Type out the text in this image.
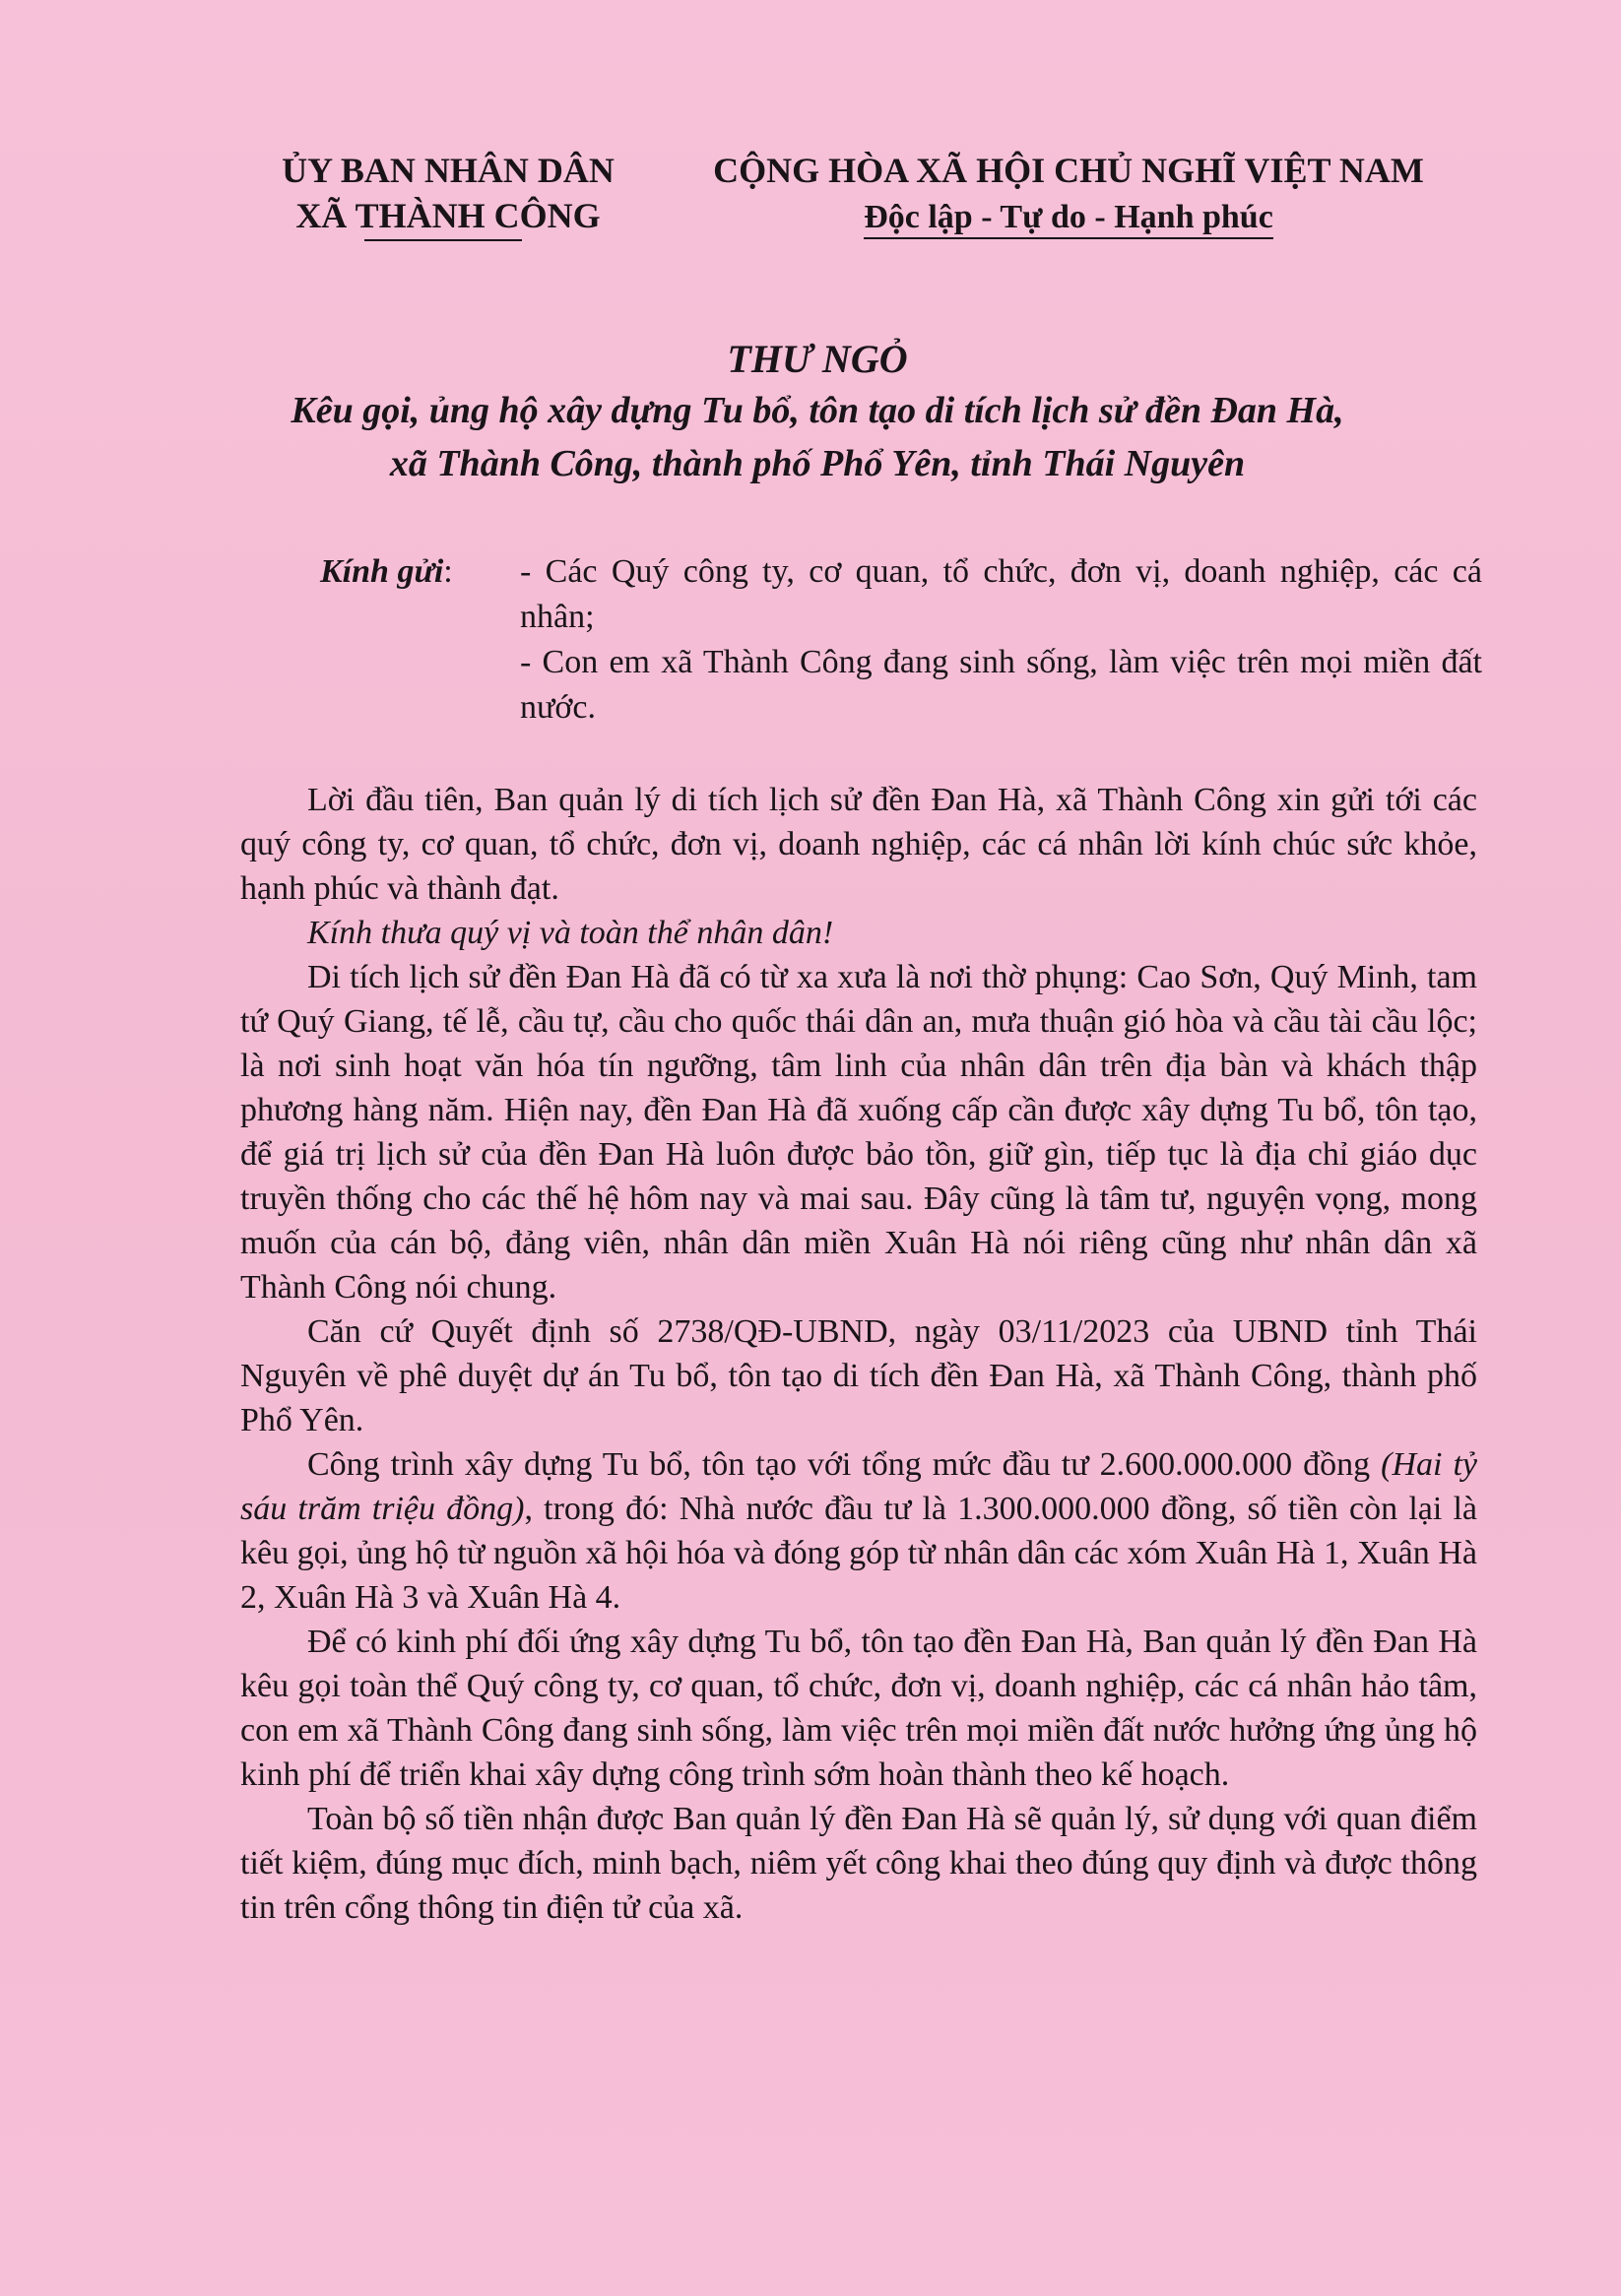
ỦY BAN NHÂN DÂN
XÃ THÀNH CÔNG
CỘNG HÒA XÃ HỘI CHỦ NGHĨ VIỆT NAM
Độc lập - Tự do - Hạnh phúc
THƯ NGỎ
Kêu gọi, ủng hộ xây dựng Tu bổ, tôn tạo di tích lịch sử đền Đan Hà,
xã Thành Công, thành phố Phổ Yên, tỉnh Thái Nguyên
Kính gửi: - Các Quý công ty, cơ quan, tổ chức, đơn vị, doanh nghiệp, các cá nhân;

- Con em xã Thành Công đang sinh sống, làm việc trên mọi miền đất nước.

Lời đầu tiên, Ban quản lý di tích lịch sử đền Đan Hà, xã Thành Công xin gửi tới các quý công ty, cơ quan, tổ chức, đơn vị, doanh nghiệp, các cá nhân lời kính chúc sức khỏe, hạnh phúc và thành đạt.

Kính thưa quý vị và toàn thể nhân dân!

Di tích lịch sử đền Đan Hà đã có từ xa xưa là nơi thờ phụng: Cao Sơn, Quý Minh, tam tứ Quý Giang, tế lễ, cầu tự, cầu cho quốc thái dân an, mưa thuận gió hòa và cầu tài cầu lộc; là nơi sinh hoạt văn hóa tín ngưỡng, tâm linh của nhân dân trên địa bàn và khách thập phương hàng năm. Hiện nay, đền Đan Hà đã xuống cấp cần được xây dựng Tu bổ, tôn tạo, để giá trị lịch sử của đền Đan Hà luôn được bảo tồn, giữ gìn, tiếp tục là địa chỉ giáo dục truyền thống cho các thế hệ hôm nay và mai sau. Đây cũng là tâm tư, nguyện vọng, mong muốn của cán bộ, đảng viên, nhân dân miền Xuân Hà nói riêng cũng như nhân dân xã Thành Công nói chung.

Căn cứ Quyết định số 2738/QĐ-UBND, ngày 03/11/2023 của UBND tỉnh Thái Nguyên về phê duyệt dự án Tu bổ, tôn tạo di tích đền Đan Hà, xã Thành Công, thành phố Phổ Yên.

Công trình xây dựng Tu bổ, tôn tạo với tổng mức đầu tư 2.600.000.000 đồng (Hai tỷ sáu trăm triệu đồng), trong đó: Nhà nước đầu tư là 1.300.000.000 đồng, số tiền còn lại là kêu gọi, ủng hộ từ nguồn xã hội hóa và đóng góp từ nhân dân các xóm Xuân Hà 1, Xuân Hà 2, Xuân Hà 3 và Xuân Hà 4.

Để có kinh phí đối ứng xây dựng Tu bổ, tôn tạo đền Đan Hà, Ban quản lý đền Đan Hà kêu gọi toàn thể Quý công ty, cơ quan, tổ chức, đơn vị, doanh nghiệp, các cá nhân hảo tâm, con em xã Thành Công đang sinh sống, làm việc trên mọi miền đất nước hưởng ứng ủng hộ kinh phí để triển khai xây dựng công trình sớm hoàn thành theo kế hoạch.

Toàn bộ số tiền nhận được Ban quản lý đền Đan Hà sẽ quản lý, sử dụng với quan điểm tiết kiệm, đúng mục đích, minh bạch, niêm yết công khai theo đúng quy định và được thông tin trên cổng thông tin điện tử của xã.
